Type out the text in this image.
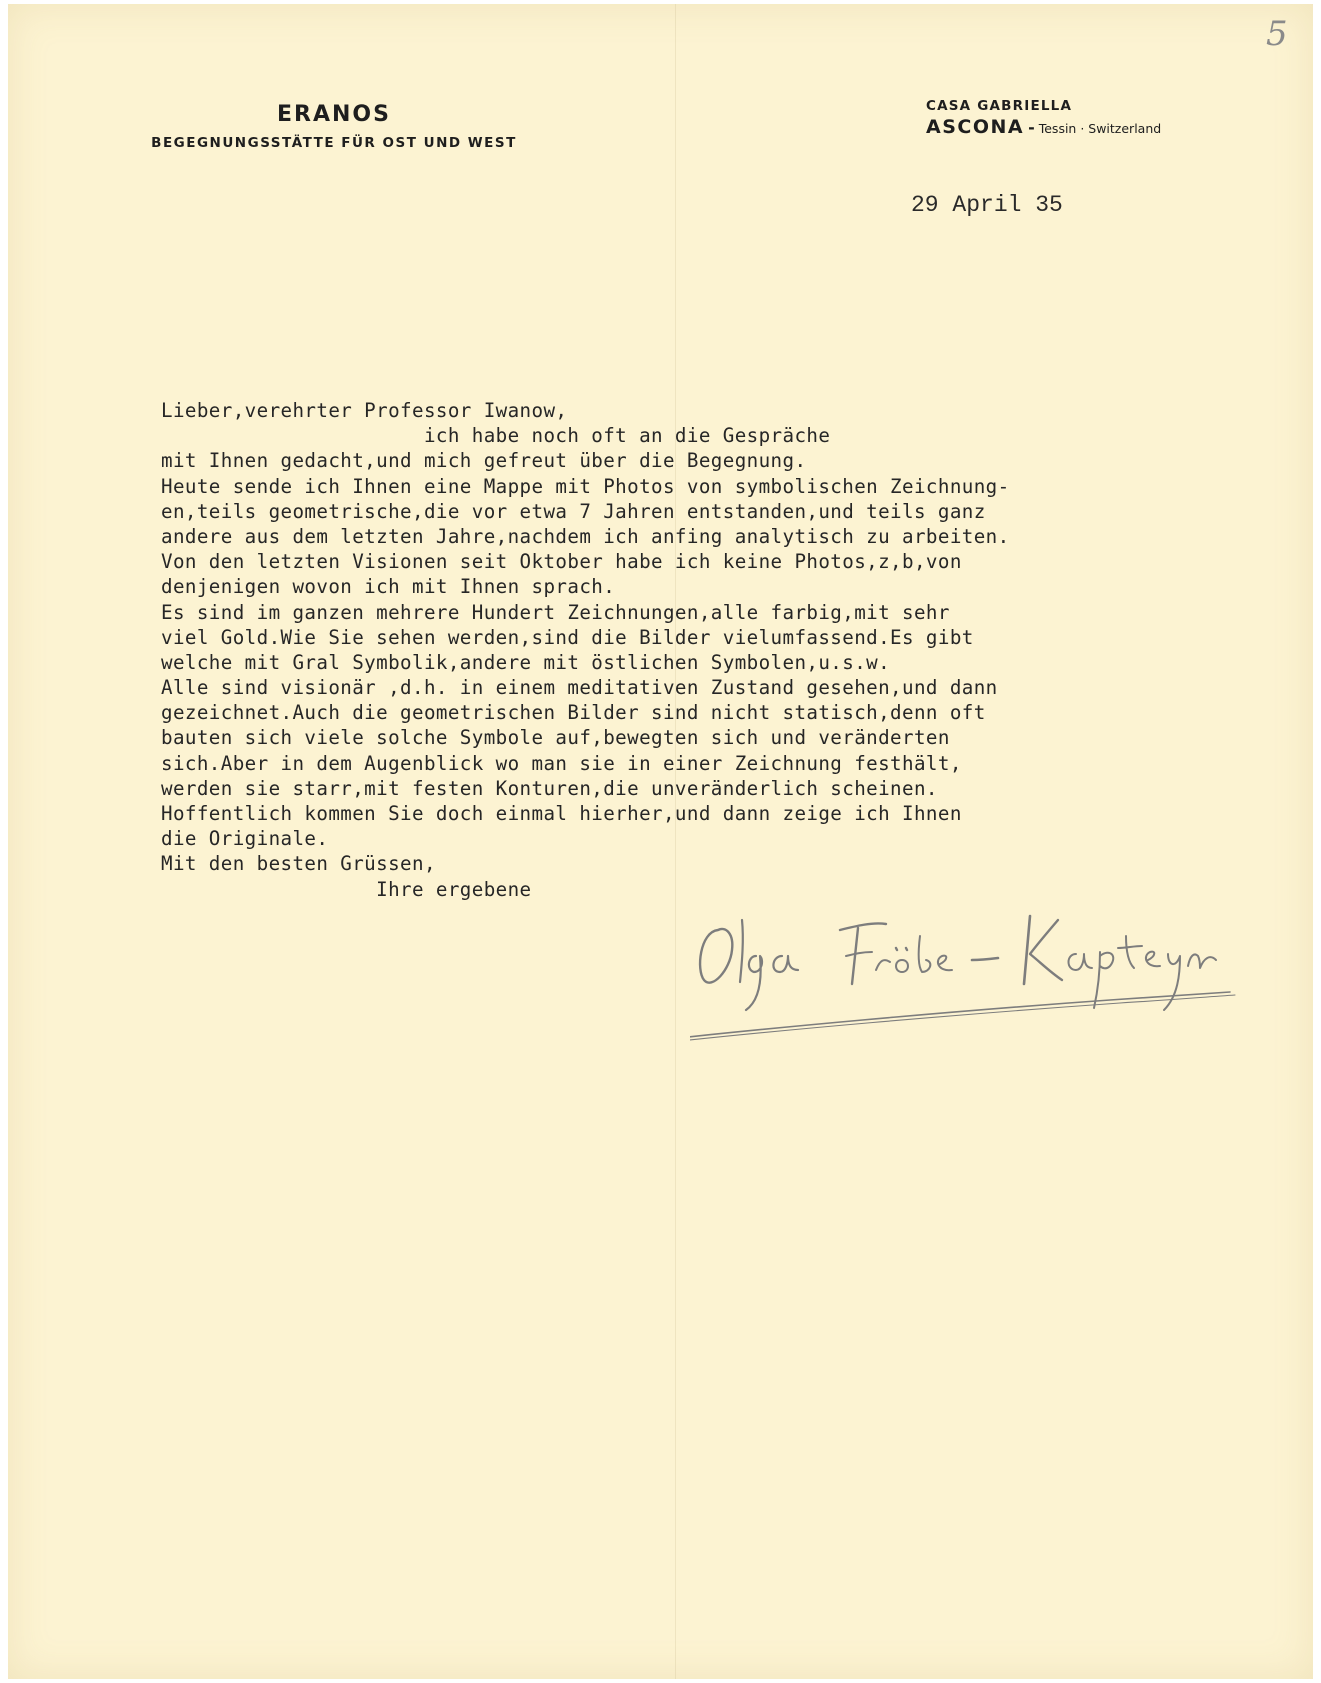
5
ERANOS
BEGEGNUNGSSTÄTTE FÜR OST UND WEST
CASA GABRIELLA
ASCONA - Tessin · Switzerland
29 April 35
Lieber,verehrter Professor Iwanow,
ich habe noch oft an die Gespräche
mit Ihnen gedacht,und mich gefreut über die Begegnung.
Heute sende ich Ihnen eine Mappe mit Photos von symbolischen Zeichnung-
en,teils geometrische,die vor etwa 7 Jahren entstanden,und teils ganz
andere aus dem letzten Jahre,nachdem ich anfing analytisch zu arbeiten.
Von den letzten Visionen seit Oktober habe ich keine Photos,z,b,von
denjenigen wovon ich mit Ihnen sprach.
Es sind im ganzen mehrere Hundert Zeichnungen,alle farbig,mit sehr
viel Gold.Wie Sie sehen werden,sind die Bilder vielumfassend.Es gibt
welche mit Gral Symbolik,andere mit östlichen Symbolen,u.s.w.
Alle sind visionär ,d.h. in einem meditativen Zustand gesehen,und dann
gezeichnet.Auch die geometrischen Bilder sind nicht statisch,denn oft
bauten sich viele solche Symbole auf,bewegten sich und veränderten
sich.Aber in dem Augenblick wo man sie in einer Zeichnung festhält,
werden sie starr,mit festen Konturen,die unveränderlich scheinen.
Hoffentlich kommen Sie doch einmal hierher,und dann zeige ich Ihnen
die Originale.
Mit den besten Grüssen,
Ihre ergebene
